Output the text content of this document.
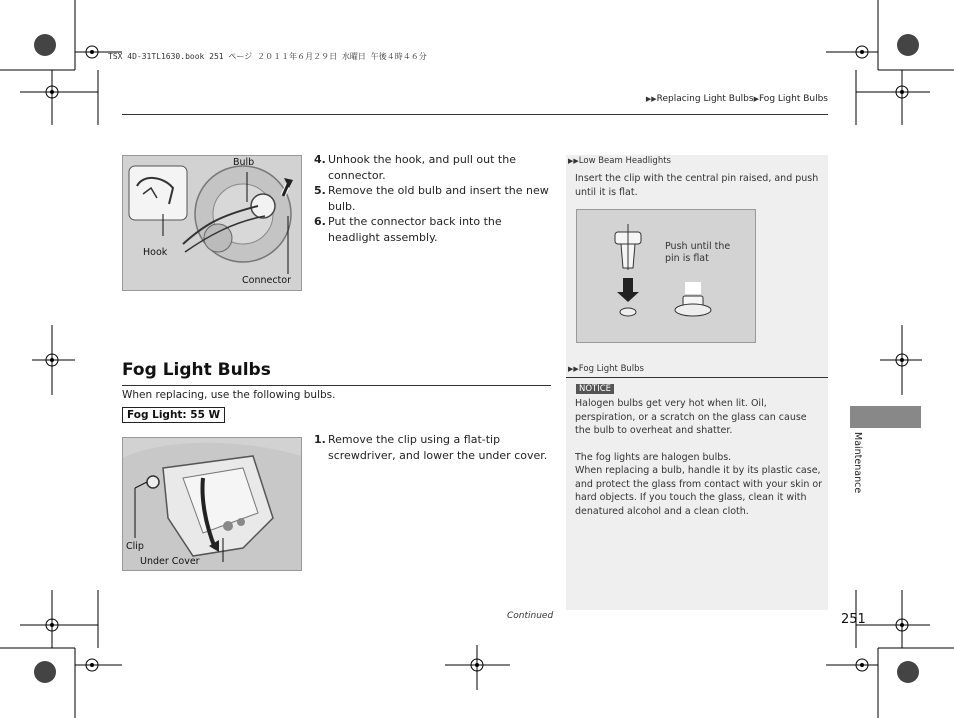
TSX 4D-31TL1630.book 251 ページ ２０１１年６月２９日 水曜日 午後４時４６分
▶▶Replacing Light Bulbs▶Fog Light Bulbs
Bulb
Hook
Connector
4. Unhook the hook, and pull out the connector.
5. Remove the old bulb and insert the new bulb.
6. Put the connector back into the headlight assembly.
Fog Light Bulbs
When replacing, use the following bulbs.
Fog Light: 55 W
Clip
Under Cover
1. Remove the clip using a flat-tip screwdriver, and lower the under cover.
Continued
▶▶Low Beam Headlights
Insert the clip with the central pin raised, and push until it is flat.
Push until the pin is flat
▶▶Fog Light Bulbs
NOTICE
Halogen bulbs get very hot when lit. Oil, perspiration, or a scratch on the glass can cause the bulb to overheat and shatter.
The fog lights are halogen bulbs.
When replacing a bulb, handle it by its plastic case, and protect the glass from contact with your skin or hard objects. If you touch the glass, clean it with denatured alcohol and a clean cloth.
Maintenance
251
